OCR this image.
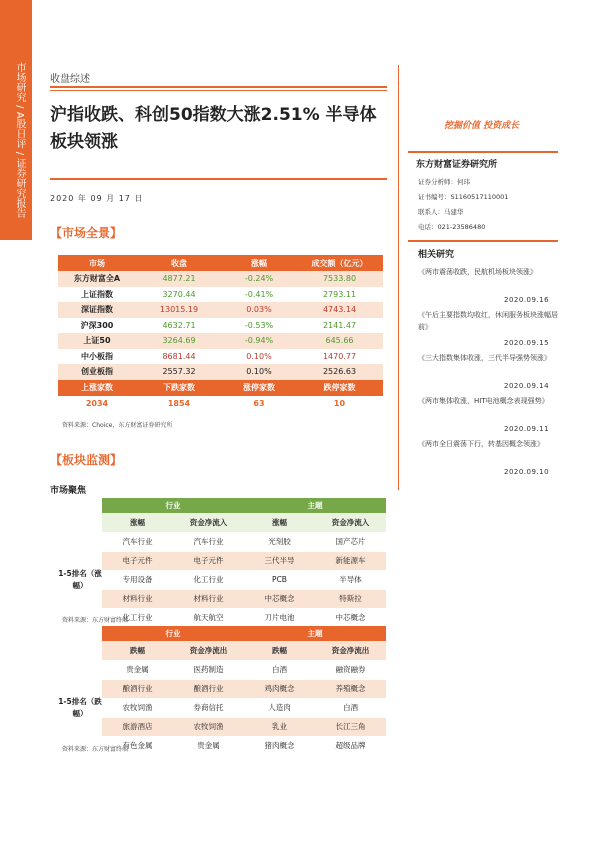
市场研究 / A股日评 / 证券研究报告	收盘综述
沪指收跌、科创50指数大涨2.51% 半导体板块领涨
2020 年 09 月 17 日
【市场全景】
市场	收盘	涨幅	成交额（亿元）
东方财富全A	4877.21	-0.24%	7533.80
上证指数	3270.44	-0.41%	2793.11
深证指数	13015.19	0.03%	4743.14
沪深300	4632.71	-0.53%	2141.47
上证50	3264.69	-0.94%	645.66
中小板指	8681.44	0.10%	1470.77
创业板指	2557.32	0.10%	2526.63
上涨家数	下跌家数	涨停家数	跌停家数
2034	1854	63	10
资料来源：Choice，东方财富证券研究所
【板块监测】
市场聚焦
	行业		主题	
	涨幅	资金净流入	涨幅	资金净流入
1-5排名（涨幅）	汽车行业	汽车行业	光刻胶	国产芯片
	电子元件	电子元件	三代半导	新能源车
	专用设备	化工行业	PCB	半导体
	材料行业	材料行业	中芯概念	特斯拉
	化工行业	航天航空	刀片电池	中芯概念
资料来源：东方财富终端
	行业		主题	
	跌幅	资金净流出	跌幅	资金净流出
1-5排名（跌幅）	贵金属	医药制造	白酒	融资融券
	酿酒行业	酿酒行业	鸡肉概念	养殖概念
	农牧饲渔	券商信托	人造肉	白酒
	旅游酒店	农牧饲渔	乳业	长江三角
	有色金属	贵金属	猪肉概念	超级品牌
资料来源：东方财富终端
挖掘价值 投资成长
东方财富证券研究所
证券分析师：何玮
证书编号：S1160517110001
联系人：马建华
电话：021-23586480
相关研究
《两市震荡收跌，民航机场板块领涨》
2020.09.16
《午后主要指数均收红，休闲服务板块涨幅居前》
2020.09.15
《三大指数集体收涨，三代半导强势领涨》
2020.09.14
《两市集体收涨，HIT电池概念表现强势》
2020.09.11
《两市全日震荡下行，转基因概念领涨》
2020.09.10
